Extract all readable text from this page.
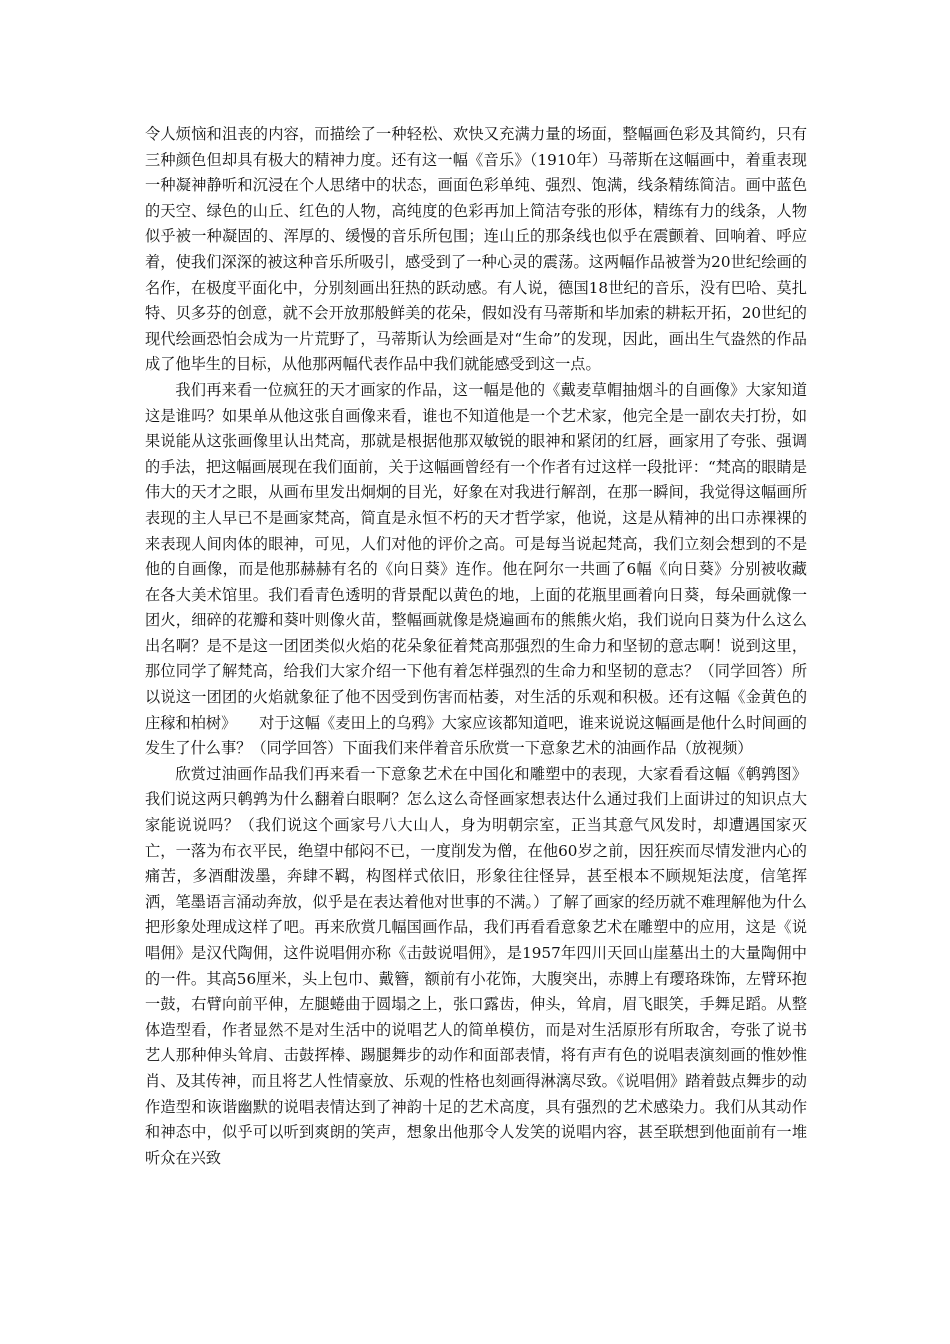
令人烦恼和沮丧的内容，而描绘了一种轻松、欢快又充满力量的场面，整幅画色彩及其简约，只有三种颜色但却具有极大的精神力度。还有这一幅《音乐》（1910年）马蒂斯在这幅画中，着重表现一种凝神静听和沉浸在个人思绪中的状态，画面色彩单纯、强烈、饱满，线条精练简洁。画中蓝色的天空、绿色的山丘、红色的人物，高纯度的色彩再加上简洁夸张的形体，精练有力的线条，人物似乎被一种凝固的、浑厚的、缓慢的音乐所包围；连山丘的那条线也似乎在震颤着、回响着、呼应着，使我们深深的被这种音乐所吸引，感受到了一种心灵的震荡。这两幅作品被誉为20世纪绘画的名作，在极度平面化中，分别刻画出狂热的跃动感。有人说，德国18世纪的音乐，没有巴哈、莫扎特、贝多芬的创意，就不会开放那般鲜美的花朵，假如没有马蒂斯和毕加索的耕耘开拓，20世纪的现代绘画恐怕会成为一片荒野了，马蒂斯认为绘画是对“生命”的发现，因此，画出生气盎然的作品成了他毕生的目标，从他那两幅代表作品中我们就能感受到这一点。

我们再来看一位疯狂的天才画家的作品，这一幅是他的《戴麦草帽抽烟斗的自画像》大家知道这是谁吗？如果单从他这张自画像来看，谁也不知道他是一个艺术家，他完全是一副农夫打扮，如果说能从这张画像里认出梵高，那就是根据他那双敏锐的眼神和紧闭的红唇，画家用了夸张、强调的手法，把这幅画展现在我们面前，关于这幅画曾经有一个作者有过这样一段批评：“梵高的眼睛是伟大的天才之眼，从画布里发出炯炯的目光，好象在对我进行解剖，在那一瞬间，我觉得这幅画所表现的主人早已不是画家梵高，简直是永恒不朽的天才哲学家，他说，这是从精神的出口赤裸裸的来表现人间肉体的眼神，可见，人们对他的评价之高。可是每当说起梵高，我们立刻会想到的不是他的自画像，而是他那赫赫有名的《向日葵》连作。他在阿尔一共画了6幅《向日葵》分别被收藏在各大美术馆里。我们看青色透明的背景配以黄色的地，上面的花瓶里画着向日葵，每朵画就像一团火，细碎的花瓣和葵叶则像火苗，整幅画就像是烧遍画布的熊熊火焰，我们说向日葵为什么这么出名啊？是不是这一团团类似火焰的花朵象征着梵高那强烈的生命力和坚韧的意志啊！说到这里，那位同学了解梵高，给我们大家介绍一下他有着怎样强烈的生命力和坚韧的意志？（同学回答）所以说这一团团的火焰就象征了他不因受到伤害而枯萎，对生活的乐观和积极。还有这幅《金黄色的庄稼和柏树》　　对于这幅《麦田上的乌鸦》大家应该都知道吧，谁来说说这幅画是他什么时间画的发生了什么事？（同学回答）下面我们来伴着音乐欣赏一下意象艺术的油画作品（放视频）

欣赏过油画作品我们再来看一下意象艺术在中国化和雕塑中的表现，大家看看这幅《鹌鹑图》我们说这两只鹌鹑为什么翻着白眼啊？怎么这么奇怪画家想表达什么通过我们上面讲过的知识点大家能说说吗？（我们说这个画家号八大山人，身为明朝宗室，正当其意气风发时，却遭遇国家灭亡，一落为布衣平民，绝望中郁闷不已，一度削发为僧，在他60岁之前，因狂疾而尽情发泄内心的痛苦，多酒酣泼墨，奔肆不羁，构图样式依旧，形象往往怪异，甚至根本不顾规矩法度，信笔挥洒，笔墨语言涌动奔放，似乎是在表达着他对世事的不满。）了解了画家的经历就不难理解他为什么把形象处理成这样了吧。再来欣赏几幅国画作品，我们再看看意象艺术在雕塑中的应用，这是《说唱佣》是汉代陶佣，这件说唱佣亦称《击鼓说唱佣》，是1957年四川天回山崖墓出土的大量陶佣中的一件。其高56厘米，头上包巾、戴簪，额前有小花饰，大腹突出，赤膊上有璎珞珠饰，左臂环抱一鼓，右臂向前平伸，左腿蜷曲于圆塌之上，张口露齿，伸头，耸肩，眉飞眼笑，手舞足蹈。从整体造型看，作者显然不是对生活中的说唱艺人的简单模仿，而是对生活原形有所取舍，夸张了说书艺人那种伸头耸肩、击鼓挥棒、踢腿舞步的动作和面部表情，将有声有色的说唱表演刻画的惟妙惟肖、及其传神，而且将艺人性情豪放、乐观的性格也刻画得淋漓尽致。《说唱佣》踏着鼓点舞步的动作造型和诙谐幽默的说唱表情达到了神韵十足的艺术高度，具有强烈的艺术感染力。我们从其动作和神态中，似乎可以听到爽朗的笑声，想象出他那令人发笑的说唱内容，甚至联想到他面前有一堆听众在兴致
